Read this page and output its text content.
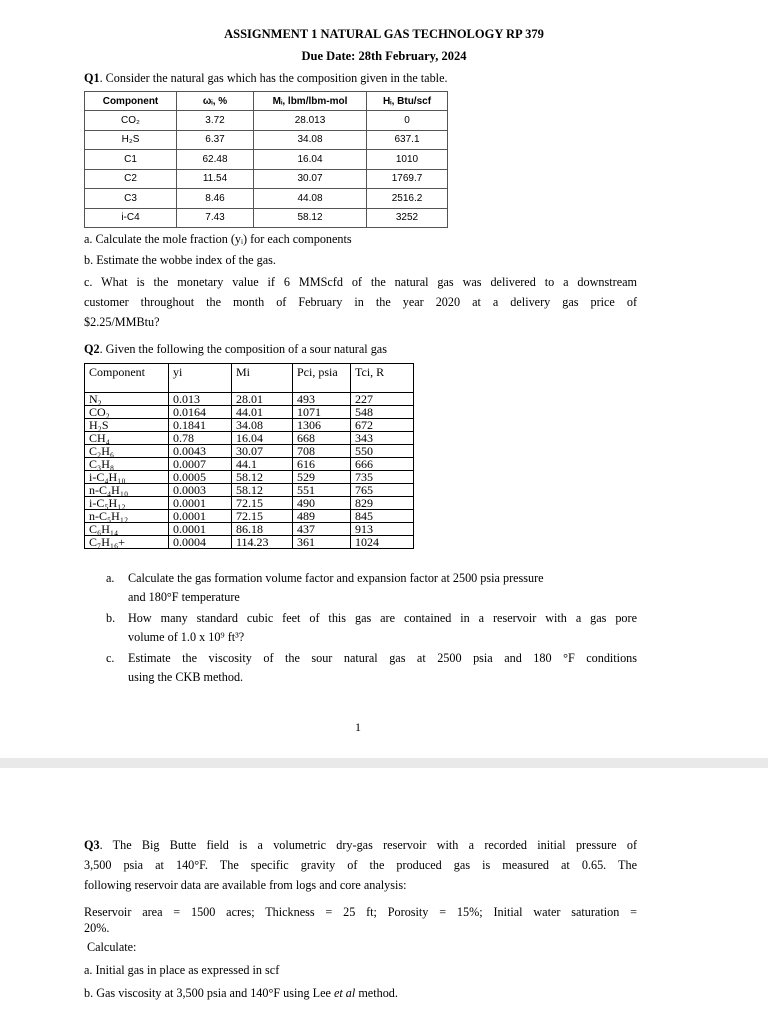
ASSIGNMENT 1 NATURAL GAS TECHNOLOGY RP 379
Due Date: 28th February, 2024
Q1. Consider the natural gas which has the composition given in the table.
Component	ωᵢ, %	Mᵢ, lbm/lbm-mol	Hᵢ, Btu/scf
CO₂	3.72	28.013	0
H₂S	6.37	34.08	637.1
C1	62.48	16.04	1010
C2	11.54	30.07	1769.7
C3	8.46	44.08	2516.2
i-C4	7.43	58.12	3252
a. Calculate the mole fraction (yᵢ) for each components
b. Estimate the wobbe index of the gas.
c. What is the monetary value if 6 MMScfd of the natural gas was delivered to a downstream
customer throughout the month of February in the year 2020 at a delivery gas price of
$2.25/MMBtu?
Q2. Given the following the composition of a sour natural gas
Component	yi	Mi	Pci, psia	Tci, R
N₂	0.013	28.01	493	227
CO₂	0.0164	44.01	1071	548
H₂S	0.1841	34.08	1306	672
CH₄	0.78	16.04	668	343
C₂H₆	0.0043	30.07	708	550
C₃H₈	0.0007	44.1	616	666
i-C₄H₁₀	0.0005	58.12	529	735
n-C₄H₁₀	0.0003	58.12	551	765
i-C₅H₁₂	0.0001	72.15	490	829
n-C₅H₁₂	0.0001	72.15	489	845
C₆H₁₄	0.0001	86.18	437	913
C₇H₁₆+	0.0004	114.23	361	1024
a. Calculate the gas formation volume factor and expansion factor at 2500 psia pressure
and 180°F temperature
b. How many standard cubic feet of this gas are contained in a reservoir with a gas pore
volume of 1.0 x 10⁹ ft³?
c. Estimate the viscosity of the sour natural gas at 2500 psia and 180 °F conditions
using the CKB method.
1
Q3. The Big Butte field is a volumetric dry-gas reservoir with a recorded initial pressure of
3,500 psia at 140°F. The specific gravity of the produced gas is measured at 0.65. The
following reservoir data are available from logs and core analysis:
Reservoir area = 1500 acres; Thickness = 25 ft; Porosity = 15%; Initial water saturation =
20%.
Calculate:
a. Initial gas in place as expressed in scf
b. Gas viscosity at 3,500 psia and 140°F using Lee et al method.
